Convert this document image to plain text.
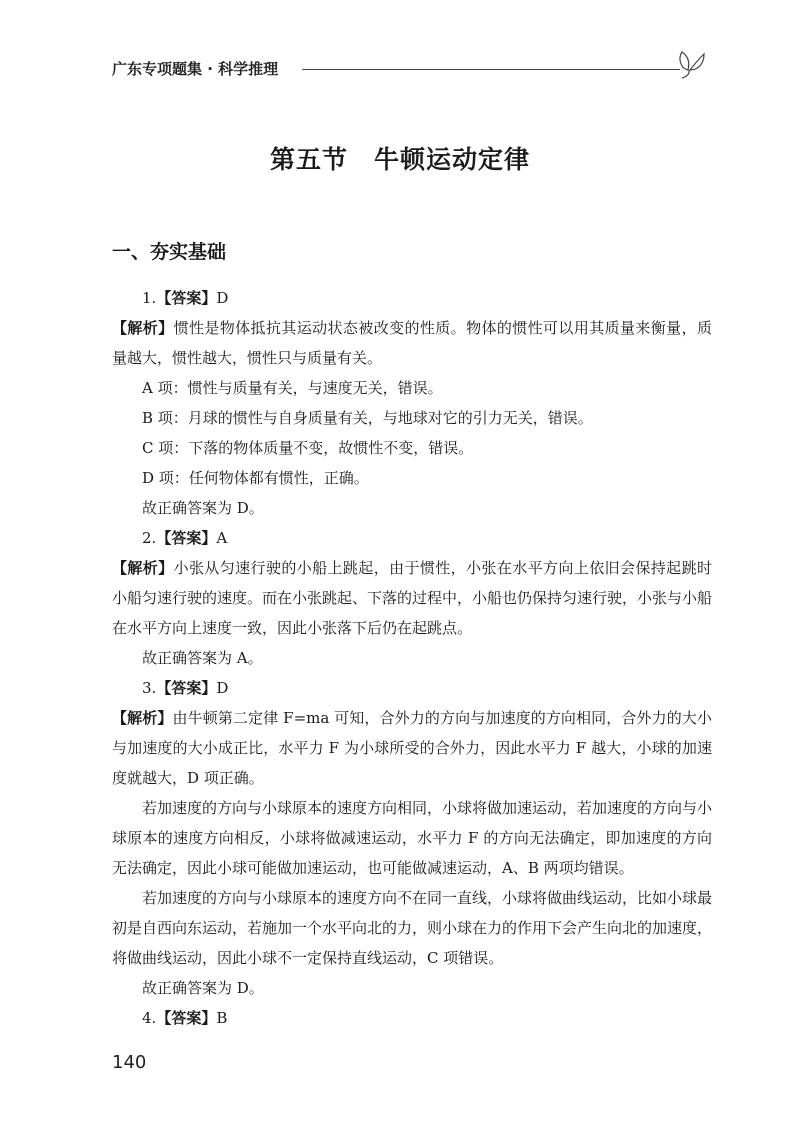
广东专项题集 · 科学推理
第五节　牛顿运动定律
一、夯实基础

1.【答案】D

【解析】惯性是物体抵抗其运动状态被改变的性质。物体的惯性可以用其质量来衡量，质量越大，惯性越大，惯性只与质量有关。

A 项：惯性与质量有关，与速度无关，错误。

B 项：月球的惯性与自身质量有关，与地球对它的引力无关，错误。

C 项：下落的物体质量不变，故惯性不变，错误。

D 项：任何物体都有惯性，正确。

故正确答案为 D。

2.【答案】A

【解析】小张从匀速行驶的小船上跳起，由于惯性，小张在水平方向上依旧会保持起跳时小船匀速行驶的速度。而在小张跳起、下落的过程中，小船也仍保持匀速行驶，小张与小船在水平方向上速度一致，因此小张落下后仍在起跳点。

故正确答案为 A。

3.【答案】D

【解析】由牛顿第二定律 F=ma 可知，合外力的方向与加速度的方向相同，合外力的大小与加速度的大小成正比，水平力 F 为小球所受的合外力，因此水平力 F 越大，小球的加速度就越大，D 项正确。

若加速度的方向与小球原本的速度方向相同，小球将做加速运动，若加速度的方向与小球原本的速度方向相反，小球将做减速运动，水平力 F 的方向无法确定，即加速度的方向无法确定，因此小球可能做加速运动，也可能做减速运动，A、B 两项均错误。

若加速度的方向与小球原本的速度方向不在同一直线，小球将做曲线运动，比如小球最初是自西向东运动，若施加一个水平向北的力，则小球在力的作用下会产生向北的加速度，将做曲线运动，因此小球不一定保持直线运动，C 项错误。

故正确答案为 D。

4.【答案】B

140
